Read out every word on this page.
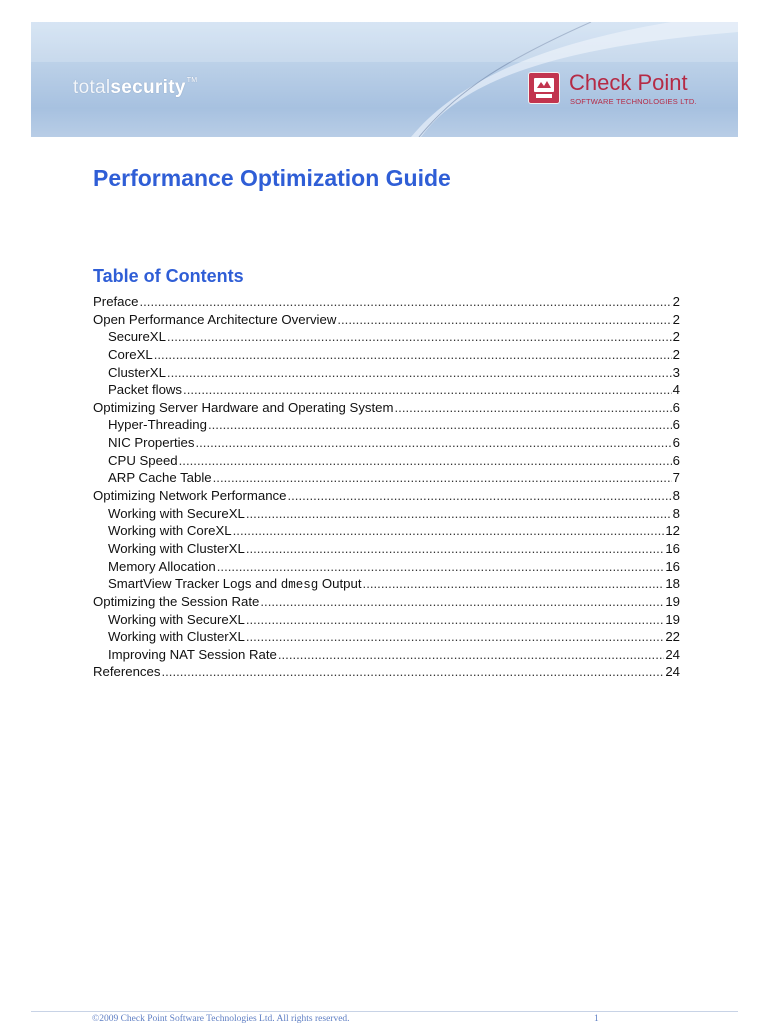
totalsecurity™	Check Point
SOFTWARE TECHNOLOGIES LTD.
Performance Optimization Guide
Table of Contents
Preface .....	2
Open Performance Architecture Overview .....	2
SecureXL .....	2
CoreXL .....	2
ClusterXL .....	3
Packet flows .....	4
Optimizing Server Hardware and Operating System .....	6
Hyper-Threading .....	6
NIC Properties .....	6
CPU Speed .....	6
ARP Cache Table .....	7
Optimizing Network Performance .....	8
Working with SecureXL .....	8
Working with CoreXL .....	12
Working with ClusterXL .....	16
Memory Allocation .....	16
SmartView Tracker Logs and dmesg Output .....	18
Optimizing the Session Rate .....	19
Working with SecureXL .....	19
Working with ClusterXL .....	22
Improving NAT Session Rate .....	24
References .....	24
©2009 Check Point Software Technologies Ltd. All rights reserved.	1
